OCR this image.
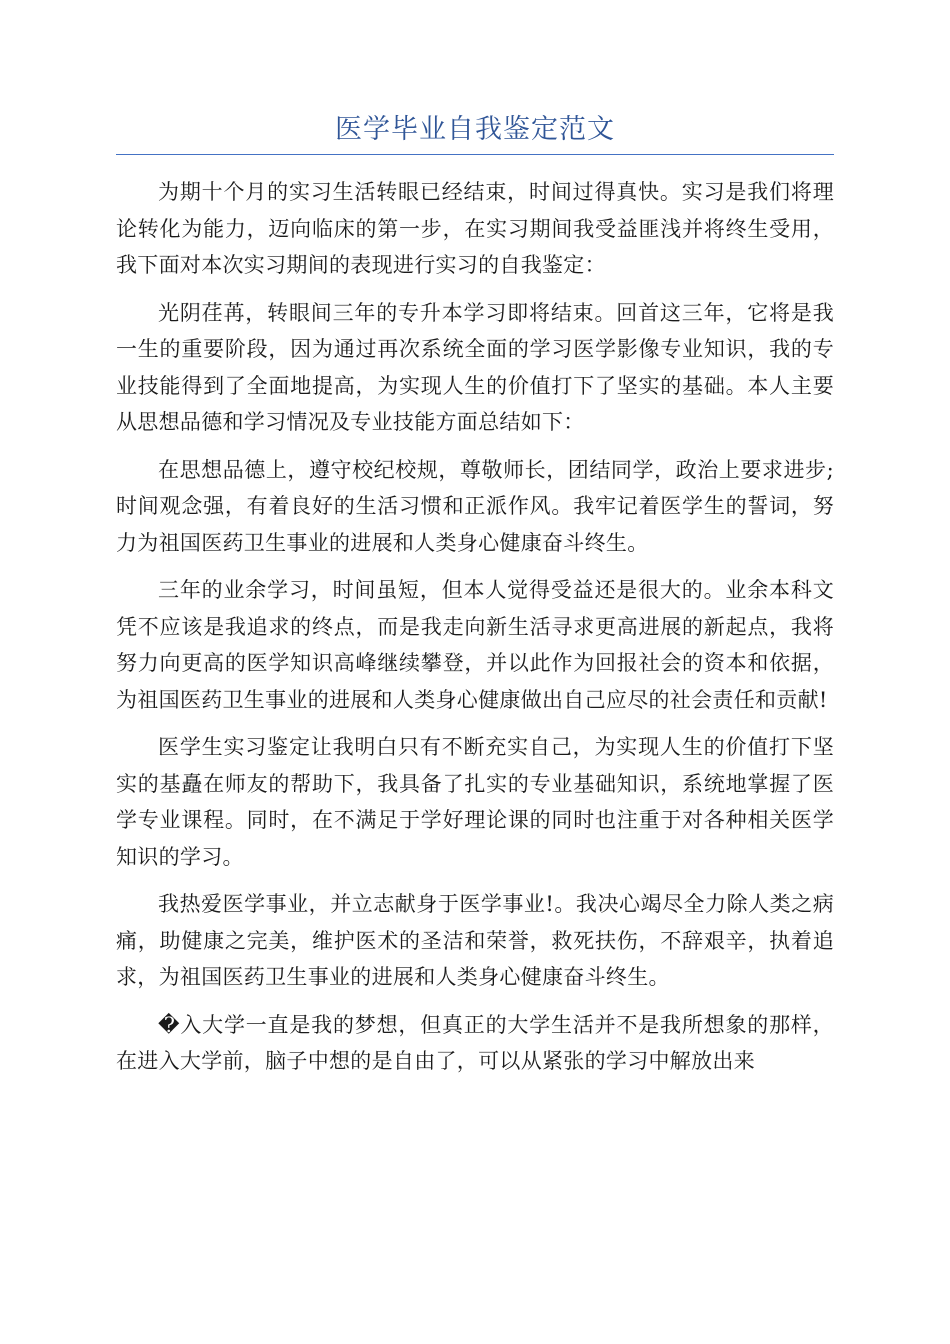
医学毕业自我鉴定范文

为期十个月的实习生活转眼已经结束，时间过得真快。实习是我们将理论转化为能力，迈向临床的第一步，在实习期间我受益匪浅并将终生受用，我下面对本次实习期间的表现进行实习的自我鉴定：

光阴荏苒，转眼间三年的专升本学习即将结束。回首这三年，它将是我一生的重要阶段，因为通过再次系统全面的学习医学影像专业知识，我的专业技能得到了全面地提高，为实现人生的价值打下了坚实的基础。本人主要从思想品德和学习情况及专业技能方面总结如下：

在思想品德上，遵守校纪校规，尊敬师长，团结同学，政治上要求进步;时间观念强，有着良好的生活习惯和正派作风。我牢记着医学生的誓词，努力为祖国医药卫生事业的进展和人类身心健康奋斗终生。

三年的业余学习，时间虽短，但本人觉得受益还是很大的。业余本科文凭不应该是我追求的终点，而是我走向新生活寻求更高进展的新起点，我将努力向更高的医学知识高峰继续攀登，并以此作为回报社会的资本和依据，为祖国医药卫生事业的进展和人类身心健康做出自己应尽的社会责任和贡献!

医学生实习鉴定让我明白只有不断充实自己，为实现人生的价值打下坚实的基矗在师友的帮助下，我具备了扎实的专业基础知识，系统地掌握了医学专业课程。同时，在不满足于学好理论课的同时也注重于对各种相关医学知识的学习。

我热爱医学事业，并立志献身于医学事业!。我决心竭尽全力除人类之病痛，助健康之完美，维护医术的圣洁和荣誉，救死扶伤，不辞艰辛，执着追求，为祖国医药卫生事业的进展和人类身心健康奋斗终生。

�入大学一直是我的梦想，但真正的大学生活并不是我所想象的那样，在进入大学前，脑子中想的是自由了，可以从紧张的学习中解放出来
